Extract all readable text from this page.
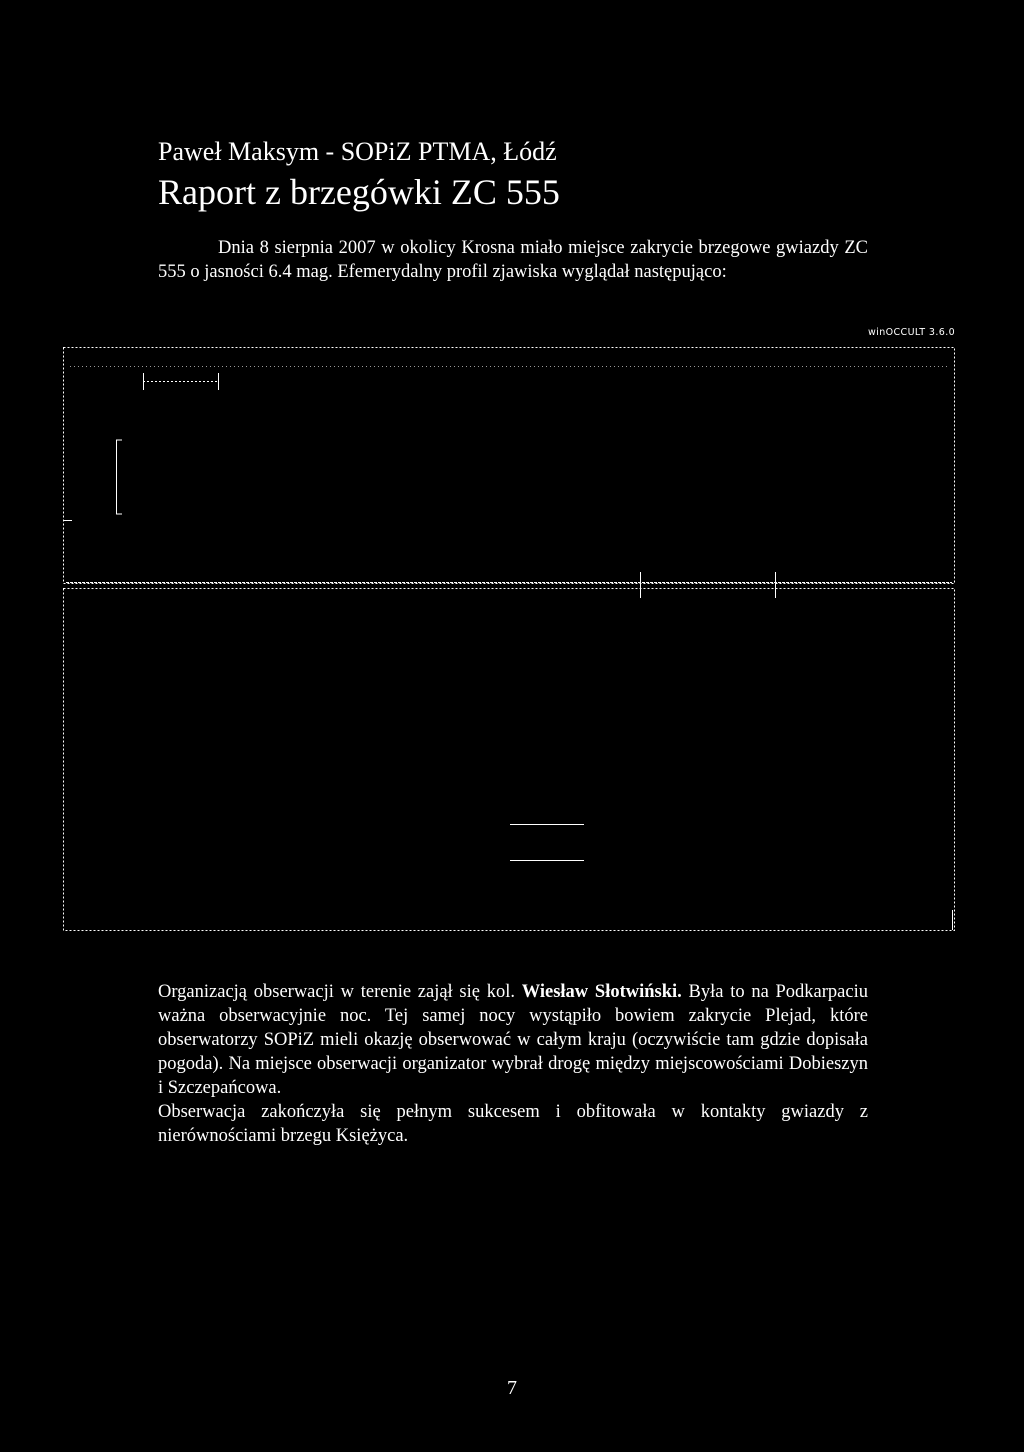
Paweł Maksym - SOPiZ PTMA, Łódź
Raport z brzegówki ZC 555
Dnia 8 sierpnia 2007 w okolicy Krosna miało miejsce zakrycie brzegowe gwiazdy ZC 555 o jasności 6.4 mag. Efemerydalny profil zjawiska wyglądał następująco:
winOCCULT 3.6.0
Organizacją obserwacji w terenie zajął się kol. Wiesław Słotwiński. Była to na Podkarpaciu ważna obserwacyjnie noc. Tej samej nocy wystąpiło bowiem zakrycie Plejad, które obserwatorzy SOPiZ mieli okazję obserwować w całym kraju (oczywiście tam gdzie dopisała pogoda). Na miejsce obserwacji organizator wybrał drogę między miejscowościami Dobieszyn i Szczepańcowa.
Obserwacja zakończyła się pełnym sukcesem i obfitowała w kontakty gwiazdy z nierównościami brzegu Księżyca.
7
